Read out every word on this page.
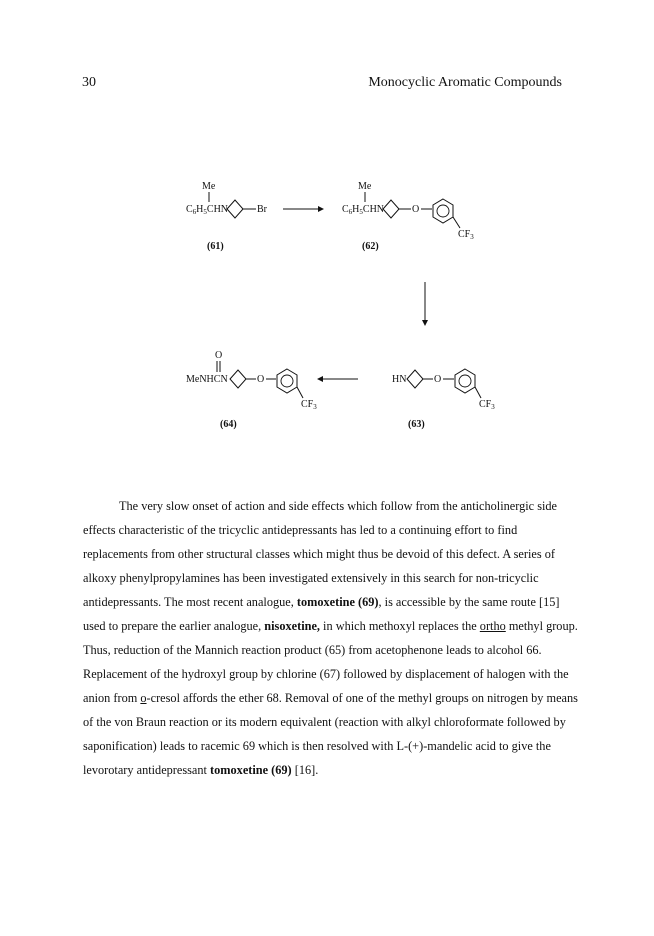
30	Monocyclic Aromatic Compounds
Me
$C_6H_5CHN$	Br
(61)
Me
$C_6H_5CHN$	O
$CF_3$
(62)
HN	O
$CF_3$
(63)
O
MeNHCN	O
$CF_3$
(64)

The very slow onset of action and side effects which follow from the anticholinergic side effects characteristic of the tricyclic antidepressants has led to a continuing effort to find replacements from other structural classes which might thus be devoid of this defect. A series of alkoxy phenylpropylamines has been investigated extensively in this search for non-tricyclic antidepressants. The most recent analogue, tomoxetine (69), is accessible by the same route [15] used to prepare the earlier analogue, nisoxetine, in which methoxyl replaces the ortho methyl group. Thus, reduction of the Mannich reaction product (65) from acetophenone leads to alcohol 66. Replacement of the hydroxyl group by chlorine (67) followed by displacement of halogen with the anion from o-cresol affords the ether 68. Removal of one of the methyl groups on nitrogen by means of the von Braun reaction or its modern equivalent (reaction with alkyl chloroformate followed by saponification) leads to racemic 69 which is then resolved with L-(+)-mandelic acid to give the levorotary antidepressant tomoxetine (69) [16].
